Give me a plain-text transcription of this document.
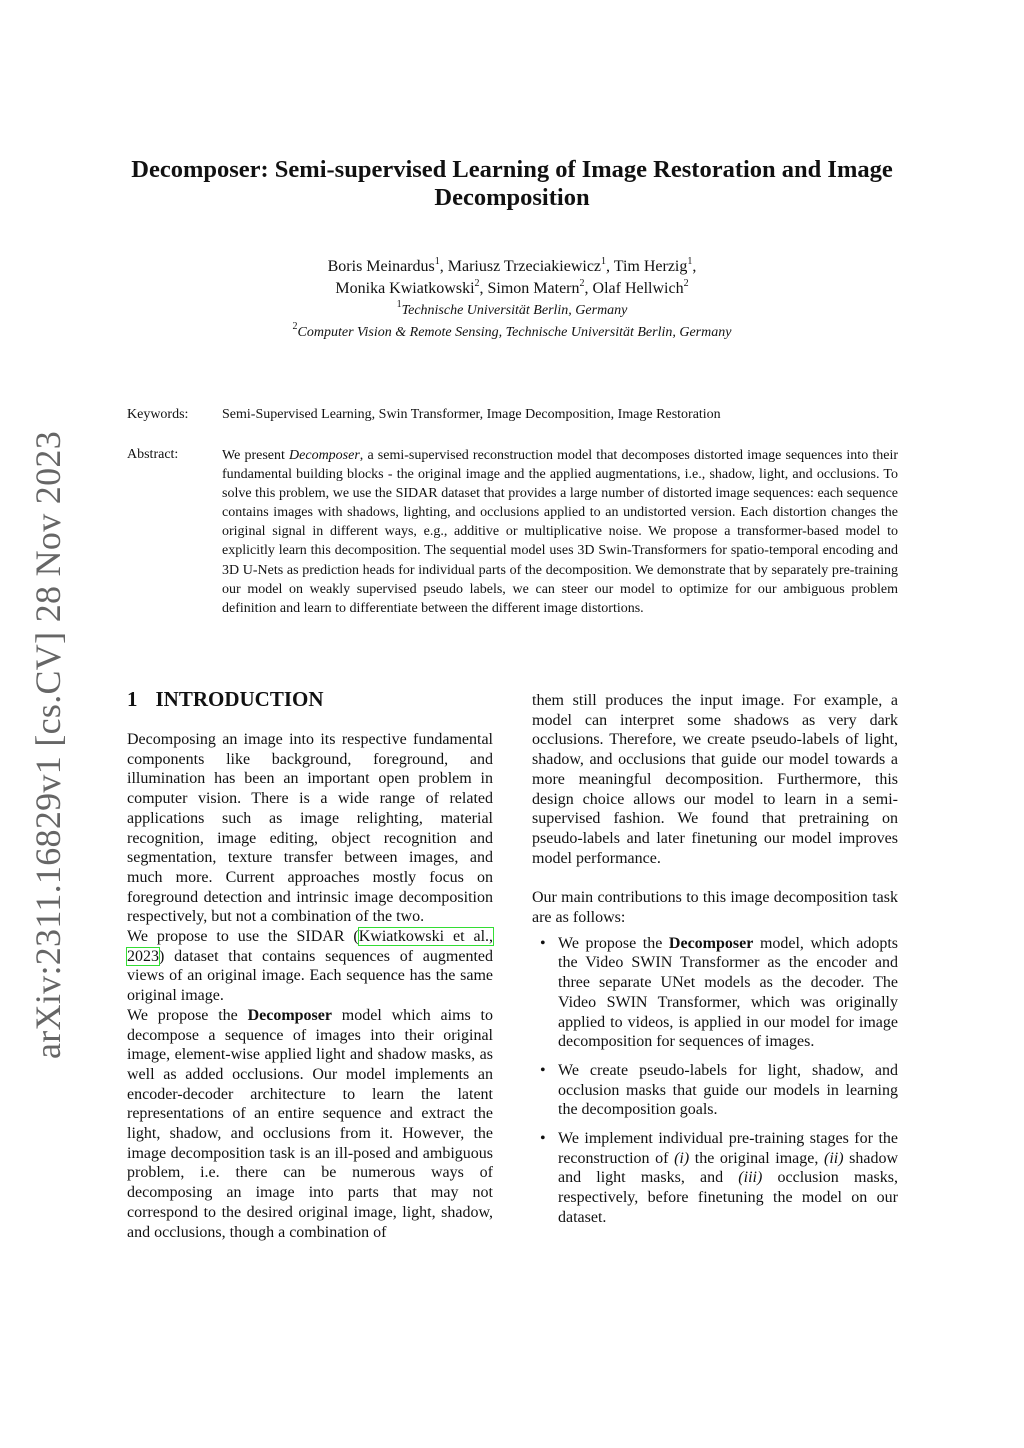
arXiv:2311.16829v1 [cs.CV] 28 Nov 2023
Decomposer: Semi-supervised Learning of Image Restoration and Image Decomposition
Boris Meinardus$^1$, Mariusz Trzeciakiewicz$^1$, Tim Herzig$^1$,
Monika Kwiatkowski$^2$, Simon Matern$^2$, Olaf Hellwich$^2$
$^1$Technische Universität Berlin, Germany
$^2$Computer Vision & Remote Sensing, Technische Universität Berlin, Germany
Keywords: Semi-Supervised Learning, Swin Transformer, Image Decomposition, Image Restoration
Abstract:	We present Decomposer, a semi-supervised reconstruction model that decomposes distorted image sequences into their fundamental building blocks - the original image and the applied augmentations, i.e., shadow, light, and occlusions. To solve this problem, we use the SIDAR dataset that provides a large number of distorted image sequences: each sequence contains images with shadows, lighting, and occlusions applied to an undistorted version. Each distortion changes the original signal in different ways, e.g., additive or multiplicative noise. We propose a transformer-based model to explicitly learn this decomposition. The sequential model uses 3D Swin-Transformers for spatio-temporal encoding and 3D U-Nets as prediction heads for individual parts of the decomposition. We demonstrate that by separately pre-training our model on weakly supervised pseudo labels, we can steer our model to optimize for our ambiguous problem definition and learn to differentiate between the different image distortions.
1 INTRODUCTION

Decomposing an image into its respective fundamental components like background, foreground, and illumination has been an important open problem in computer vision. There is a wide range of related applications such as image relighting, material recognition, image editing, object recognition and segmentation, texture transfer between images, and much more. Current approaches mostly focus on foreground detection and intrinsic image decomposition respectively, but not a combination of the two.

We propose to use the SIDAR (Kwiatkowski et al., 2023) dataset that contains sequences of augmented views of an original image. Each sequence has the same original image.

We propose the Decomposer model which aims to decompose a sequence of images into their original image, element-wise applied light and shadow masks, as well as added occlusions. Our model implements an encoder-decoder architecture to learn the latent representations of an entire sequence and extract the light, shadow, and occlusions from it. However, the image decomposition task is an ill-posed and ambiguous problem, i.e. there can be numerous ways of decomposing an image into parts that may not correspond to the desired original image, light, shadow, and occlusions, though a combination of

them still produces the input image. For example, a model can interpret some shadows as very dark occlusions. Therefore, we create pseudo-labels of light, shadow, and occlusions that guide our model towards a more meaningful decomposition. Furthermore, this design choice allows our model to learn in a semi-supervised fashion. We found that pretraining on pseudo-labels and later finetuning our model improves model performance.

Our main contributions to this image decomposition task are as follows:

• We propose the Decomposer model, which adopts the Video SWIN Transformer as the encoder and three separate UNet models as the decoder. The Video SWIN Transformer, which was originally applied to videos, is applied in our model for image decomposition for sequences of images.
• We create pseudo-labels for light, shadow, and occlusion masks that guide our models in learning the decomposition goals.
• We implement individual pre-training stages for the reconstruction of (i) the original image, (ii) shadow and light masks, and (iii) occlusion masks, respectively, before finetuning the model on our dataset.
